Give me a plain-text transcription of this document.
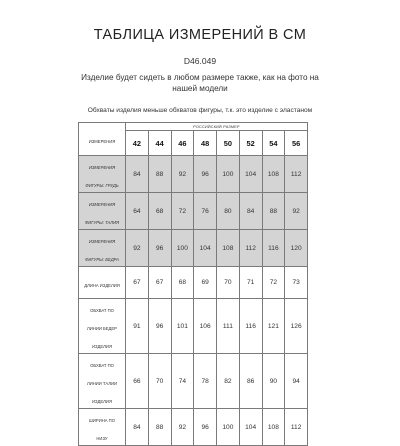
ТАБЛИЦА ИЗМЕРЕНИЙ В СМ
D46.049
Изделие будет сидеть в любом размере также, как на фото на нашей модели
Обхваты изделия меньше обхватов фигуры, т.к. это изделие с эластаном
ИЗМЕРЕНИЯ	РОССИЙСКИЙ РАЗМЕР							
	42	44	46	48	50	52	54	56
ИЗМЕРЕНИЯ
ФИГУРЫ: ГРУДЬ	84	88	92	96	100	104	108	112
ИЗМЕРЕНИЯ
ФИГУРЫ: ТАЛИЯ	64	68	72	76	80	84	88	92
ИЗМЕРЕНИЯ
ФИГУРЫ: БЕДРА	92	96	100	104	108	112	116	120
ДЛИНА ИЗДЕЛИЯ	67	67	68	69	70	71	72	73
ОБХВАТ ПО
ЛИНИИ БЕДЕР
ИЗДЕЛИЯ	91	96	101	106	111	116	121	126
ОБХВАТ ПО
ЛИНИИ ТАЛИИ
ИЗДЕЛИЯ	66	70	74	78	82	86	90	94
ШИРИНА ПО
НИЗУ	84	88	92	96	100	104	108	112
